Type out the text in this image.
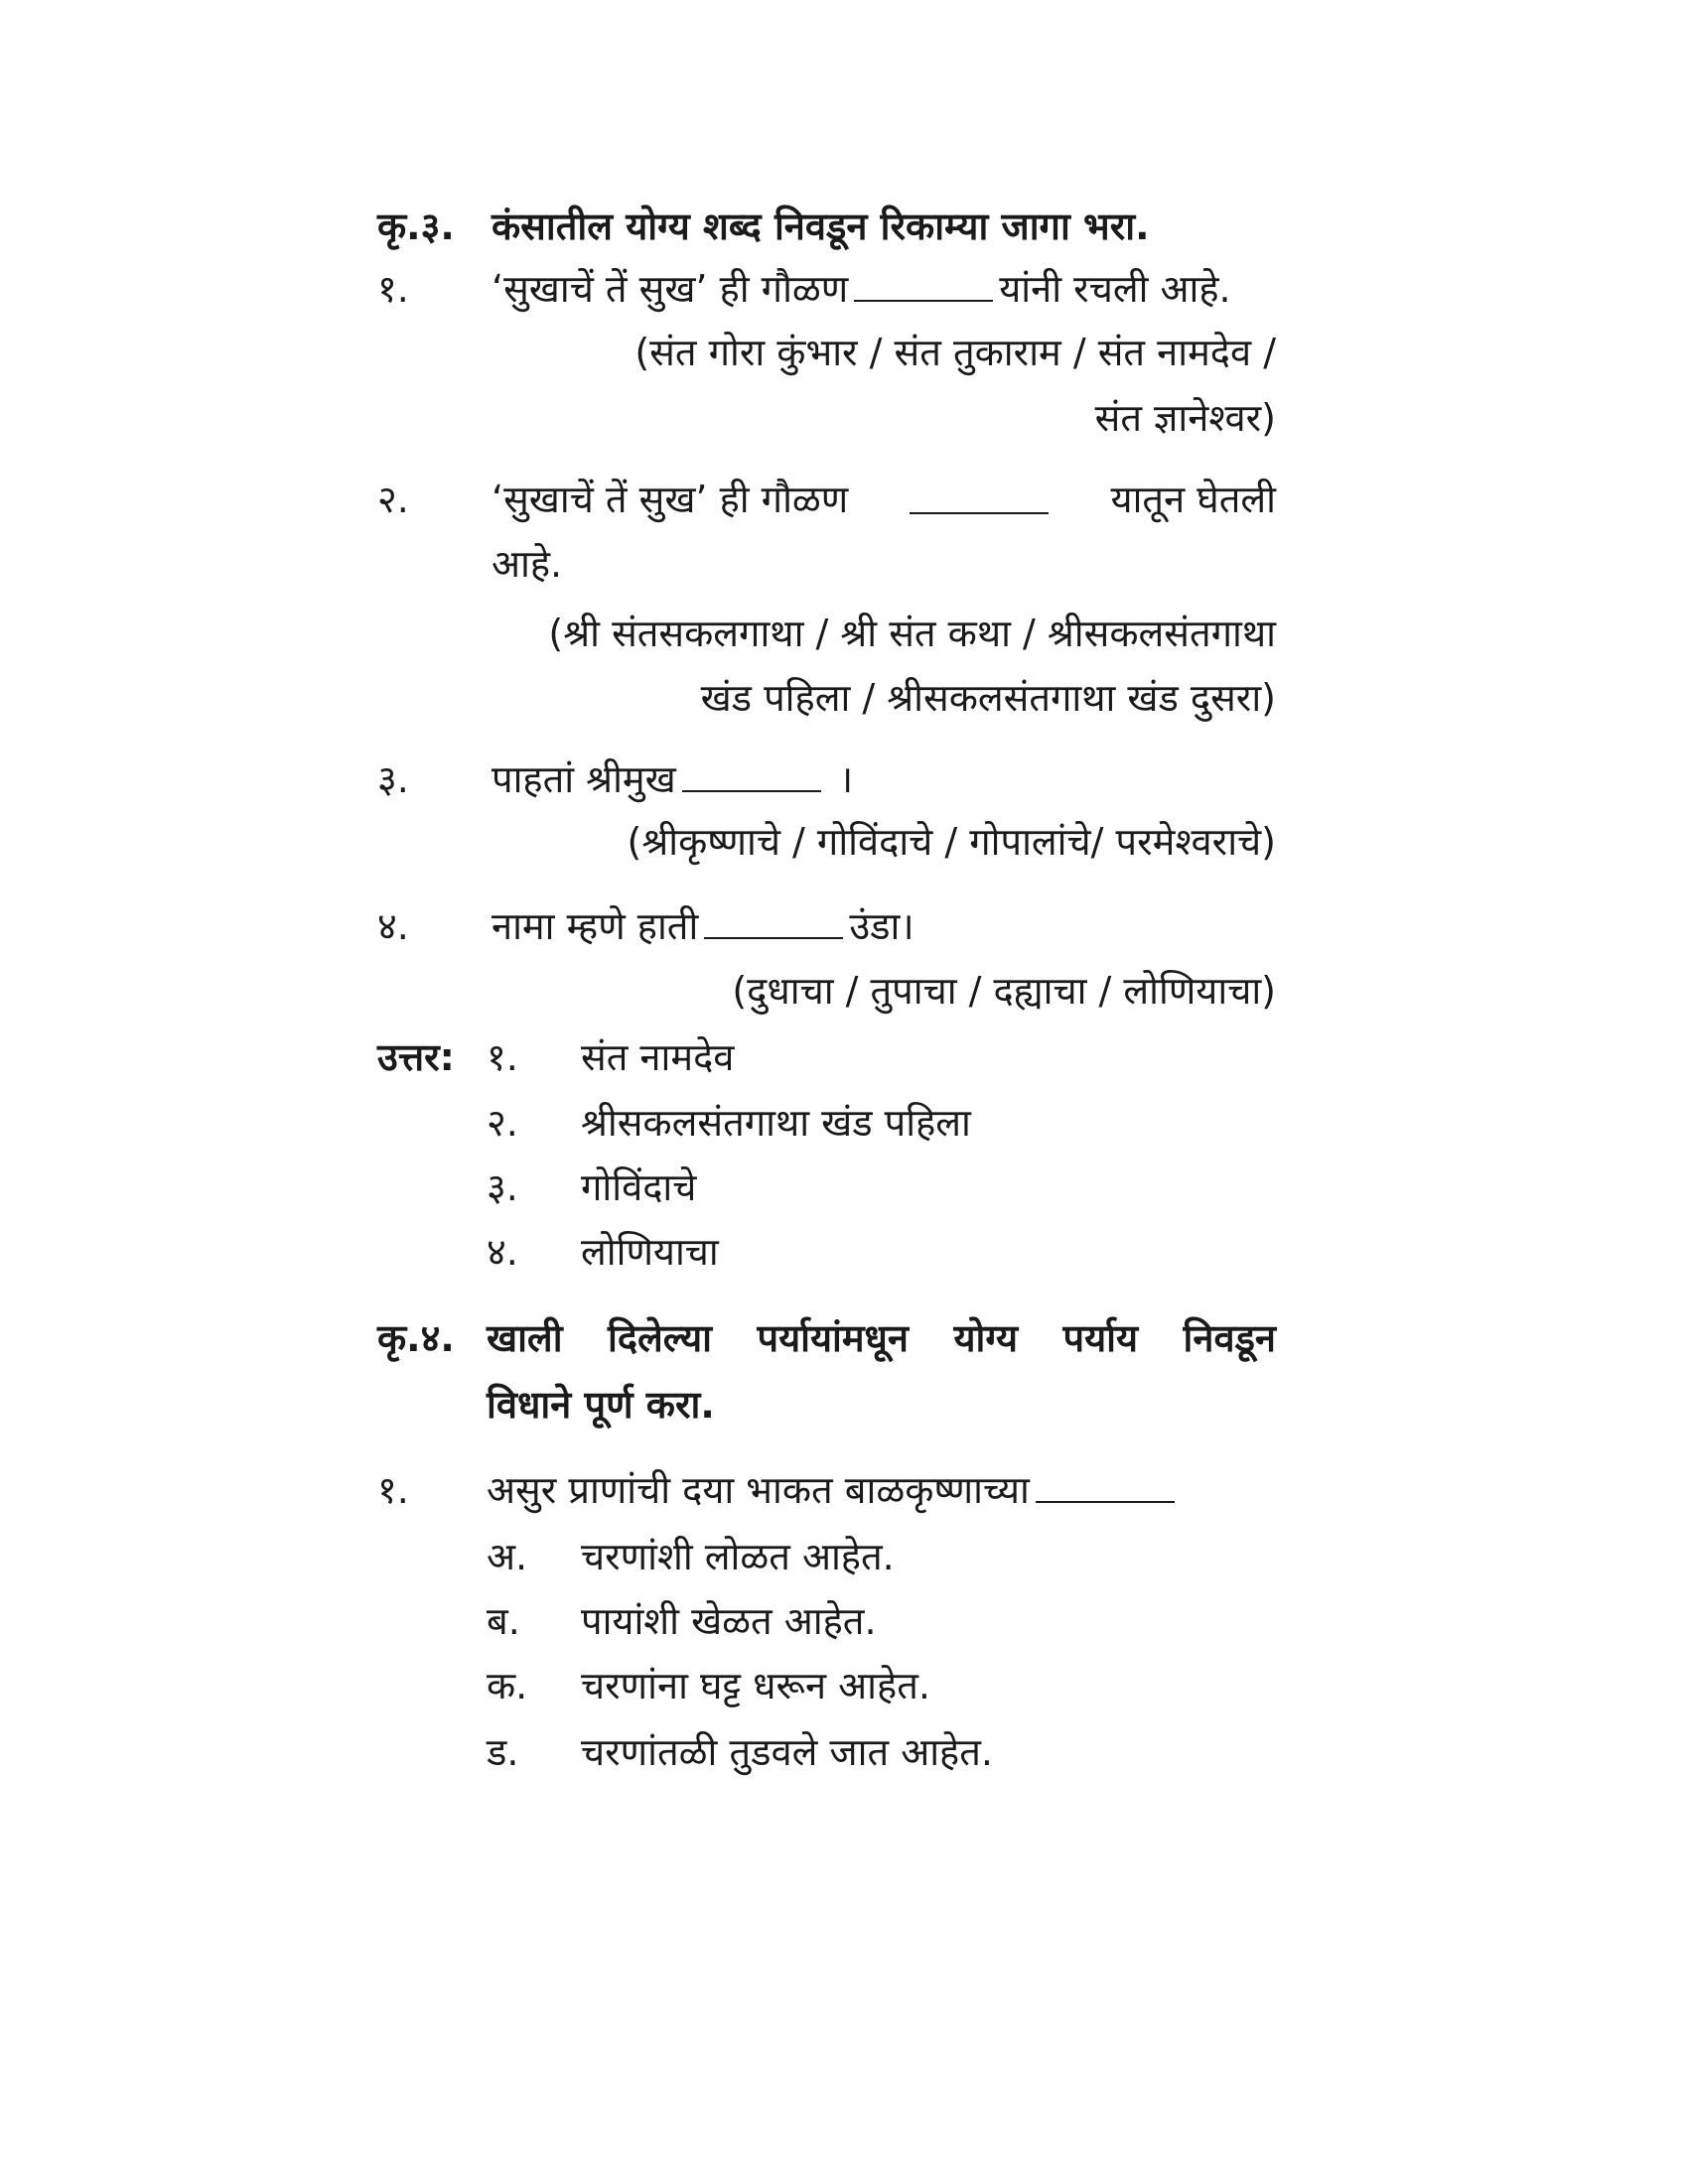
कृ.३. कंसातील योग्य शब्द निवडून रिकाम्या जागा भरा.
१. ‘सुखाचें तें सुख’ ही गौळण	यांनी रचली आहे.
(संत गोरा कुंभार / संत तुकाराम / संत नामदेव /
संत ज्ञानेश्वर)
२. ‘सुखाचें तें सुख’ ही गौळण	यातून घेतली
आहे.
(श्री संतसकलगाथा / श्री संत कथा / श्रीसकलसंतगाथा
खंड पहिला / श्रीसकलसंतगाथा खंड दुसरा)
३. पाहतां श्रीमुख	।
(श्रीकृष्णाचे / गोविंदाचे / गोपालांचे/ परमेश्वराचे)
४. नामा म्हणे हाती	उंडा।
(दुधाचा / तुपाचा / दह्याचा / लोणियाचा)
उत्तर: १. संत नामदेव
२. श्रीसकलसंतगाथा खंड पहिला
३. गोविंदाचे
४. लोणियाचा
कृ.४. खाली दिलेल्या पर्यायांमधून योग्य पर्याय निवडून
विधाने पूर्ण करा.
१. असुर प्राणांची दया भाकत बाळकृष्णाच्या
अ. चरणांशी लोळत आहेत.
ब. पायांशी खेळत आहेत.
क. चरणांना घट्ट धरून आहेत.
ड. चरणांतळी तुडवले जात आहेत.
